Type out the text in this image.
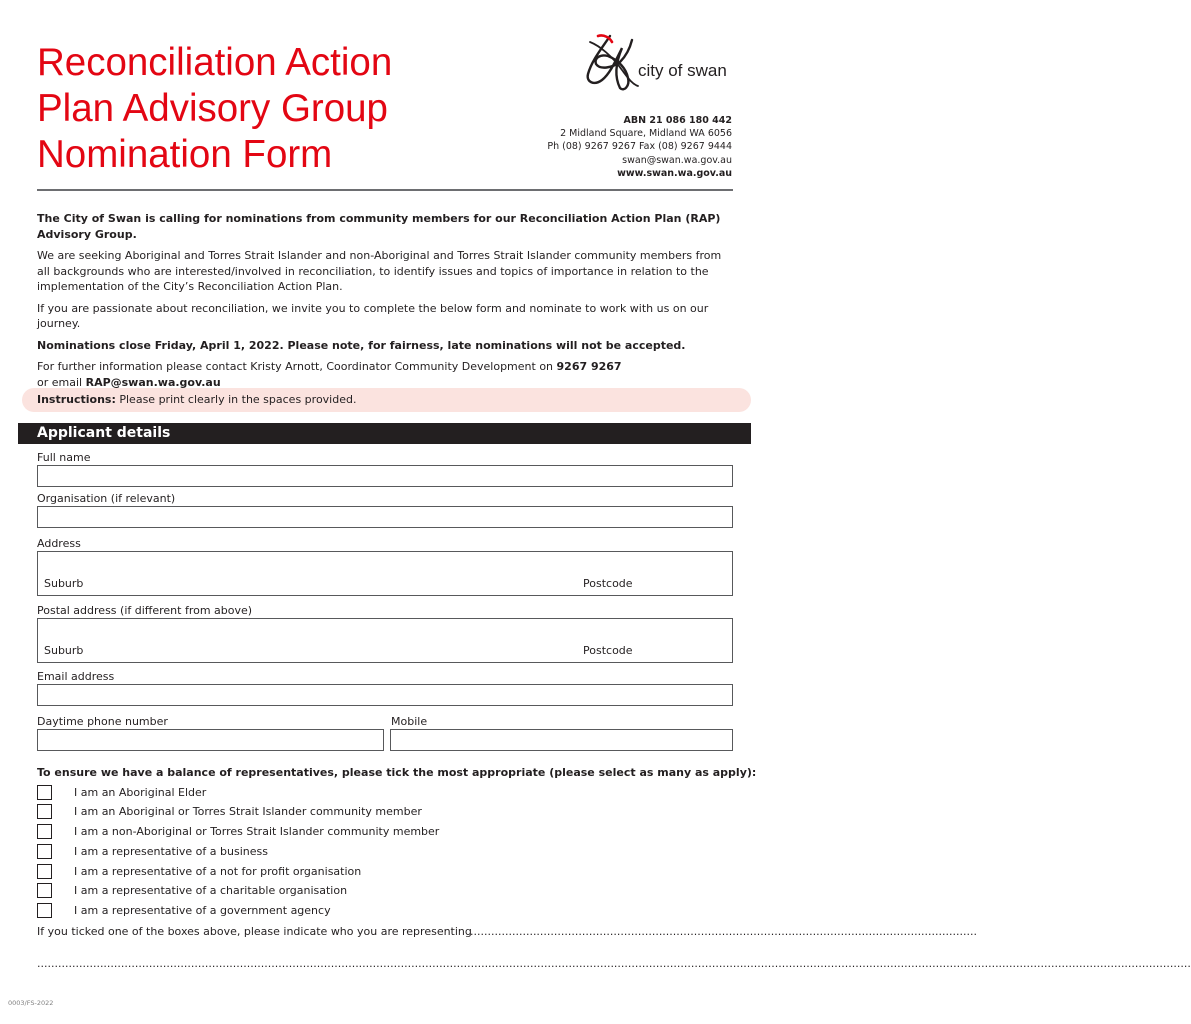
Reconciliation Action
Plan Advisory Group
Nomination Form
city of swan
ABN 21 086 180 442
2 Midland Square, Midland WA 6056
Ph (08) 9267 9267 Fax (08) 9267 9444
swan@swan.wa.gov.au
www.swan.wa.gov.au

The City of Swan is calling for nominations from community members for our Reconciliation Action Plan (RAP) Advisory Group.

We are seeking Aboriginal and Torres Strait Islander and non-Aboriginal and Torres Strait Islander community members from all backgrounds who are interested/involved in reconciliation, to identify issues and topics of importance in relation to the implementation of the City’s Reconciliation Action Plan.

If you are passionate about reconciliation, we invite you to complete the below form and nominate to work with us on our journey.

Nominations close Friday, April 1, 2022. Please note, for fairness, late nominations will not be accepted.

For further information please contact Kristy Arnott, Coordinator Community Development on 9267 9267
or email RAP@swan.wa.gov.au

Instructions: Please print clearly in the spaces provided.
Applicant details
Full name
Organisation (if relevant)
Address
Suburb	Postcode
Postal address (if different from above)
Suburb	Postcode
Email address
Daytime phone number	Mobile
To ensure we have a balance of representatives, please tick the most appropriate (please select as many as apply):
I am an Aboriginal Elder
I am an Aboriginal or Torres Strait Islander community member
I am a non-Aboriginal or Torres Strait Islander community member
I am a representative of a business
I am a representative of a not for profit organisation
I am a representative of a charitable organisation
I am a representative of a government agency
If you ticked one of the boxes above, please indicate who you are representing
.................................................................................................................................................
..........................................................................................................................................................................................................................................................................................................................................
0003/FS-2022
